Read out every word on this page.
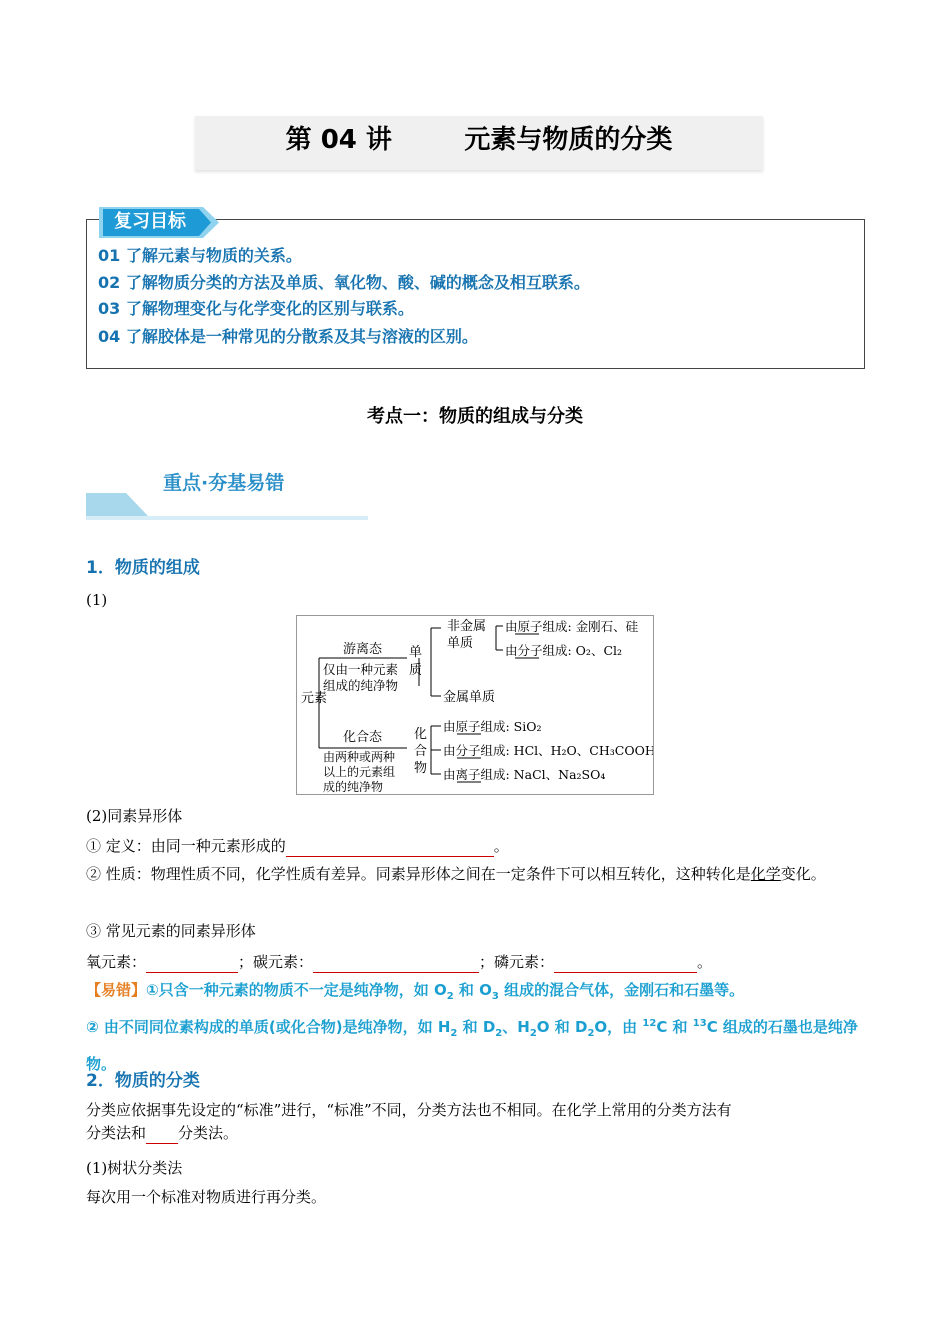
第 04 讲        元素与物质的分类
复习目标
01 了解元素与物质的关系。
02 了解物质分类的方法及单质、氧化物、酸、碱的概念及相互联系。
03 了解物理变化与化学变化的区别与联系。
04 了解胶体是一种常见的分散系及其与溶液的区别。
考点一：物质的组成与分类
重点·夯基易错
1．物质的组成
(1)
元素
游离态
仅由一种元素
组成的纯净物
单
质
非金属
单质
金属单质
由原子组成: 金刚石、硅
由分子组成: O₂、Cl₂
化合态
由两种或两种
以上的元素组
成的纯净物
化
合
物
由原子组成: SiO₂
由分子组成: HCl、H₂O、CH₃COOH
由离子组成: NaCl、Na₂SO₄
(2)同素异形体
① 定义：由同一种元素形成的	。
② 性质：物理性质不同，化学性质有差异。同素异形体之间在一定条件下可以相互转化，这种转化是化学变化。
③ 常见元素的同素异形体
氧元素：	；碳元素：	；磷元素：	。
【易错】①只含一种元素的物质不一定是纯净物，如 $O_2$ 和 $O_3$ 组成的混合气体，金刚石和石墨等。
② 由不同同位素构成的单质(或化合物)是纯净物，如 $H_2$ 和 $D_2$、$H_2O$ 和 $D_2O$，由 $^{12}$C 和 $^{13}$C 组成的石墨也是纯净物。
2．物质的分类
分类应依据事先设定的“标准”进行，“标准”不同，分类方法也不相同。在化学上常用的分类方法有
分类法和 分类法。
(1)树状分类法
每次用一个标准对物质进行再分类。
